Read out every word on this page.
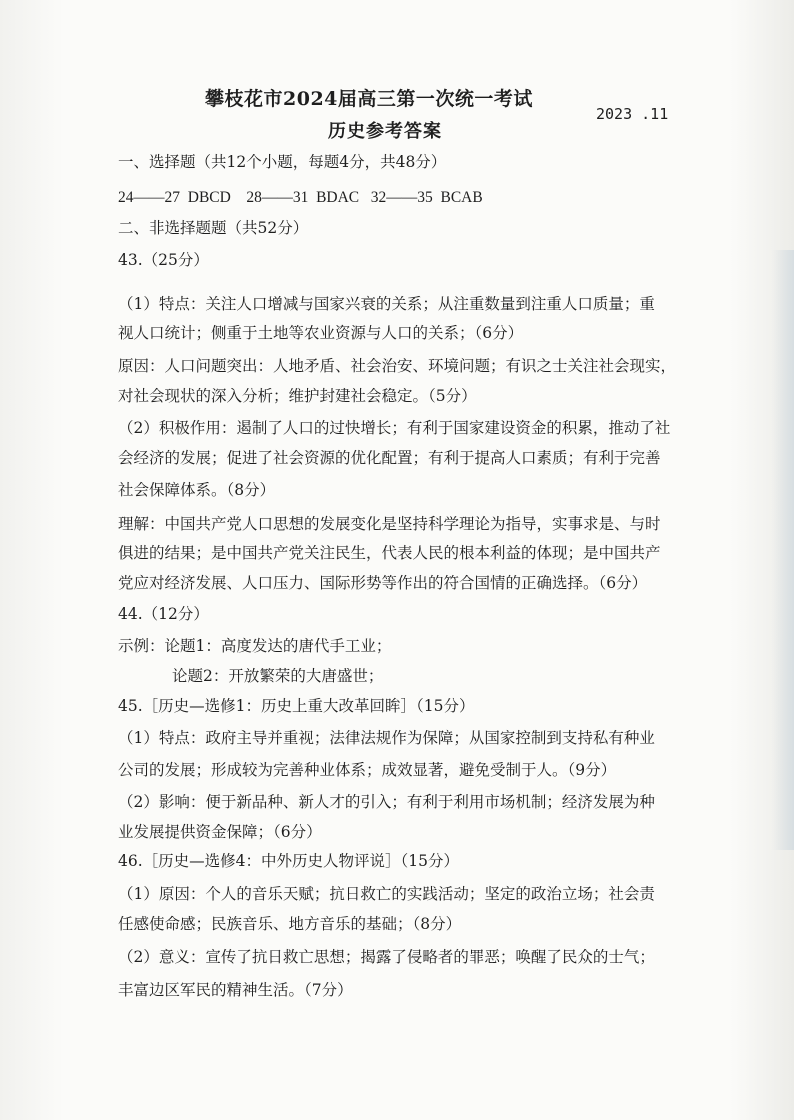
攀枝花市2024届高三第一次统一考试
2023 .11
历史参考答案
一、选择题（共12个小题，每题4分，共48分）
24——27  DBCD    28——31  BDAC   32——35  BCAB
二、非选择题题（共52分）
43.（25分）
（1）特点：关注人口增减与国家兴衰的关系；从注重数量到注重人口质量；重
视人口统计；侧重于土地等农业资源与人口的关系；（6分）
原因：人口问题突出：人地矛盾、社会治安、环境问题；有识之士关注社会现实，
对社会现状的深入分析；维护封建社会稳定。（5分）
（2）积极作用：遏制了人口的过快增长；有利于国家建设资金的积累，推动了社
会经济的发展；促进了社会资源的优化配置；有利于提高人口素质；有利于完善
社会保障体系。（8分）
理解：中国共产党人口思想的发展变化是坚持科学理论为指导，实事求是、与时
俱进的结果；是中国共产党关注民生，代表人民的根本利益的体现；是中国共产
党应对经济发展、人口压力、国际形势等作出的符合国情的正确选择。（6分）
44.（12分）
示例：论题1：高度发达的唐代手工业；
论题2：开放繁荣的大唐盛世；
45.［历史—选修1：历史上重大改革回眸］（15分）
（1）特点：政府主导并重视；法律法规作为保障；从国家控制到支持私有种业
公司的发展；形成较为完善种业体系；成效显著，避免受制于人。（9分）
（2）影响：便于新品种、新人才的引入；有利于利用市场机制；经济发展为种
业发展提供资金保障；（6分）
46.［历史—选修4：中外历史人物评说］（15分）
（1）原因：个人的音乐天赋；抗日救亡的实践活动；坚定的政治立场；社会责
任感使命感；民族音乐、地方音乐的基础；（8分）
（2）意义：宣传了抗日救亡思想；揭露了侵略者的罪恶；唤醒了民众的士气；
丰富边区军民的精神生活。（7分）
